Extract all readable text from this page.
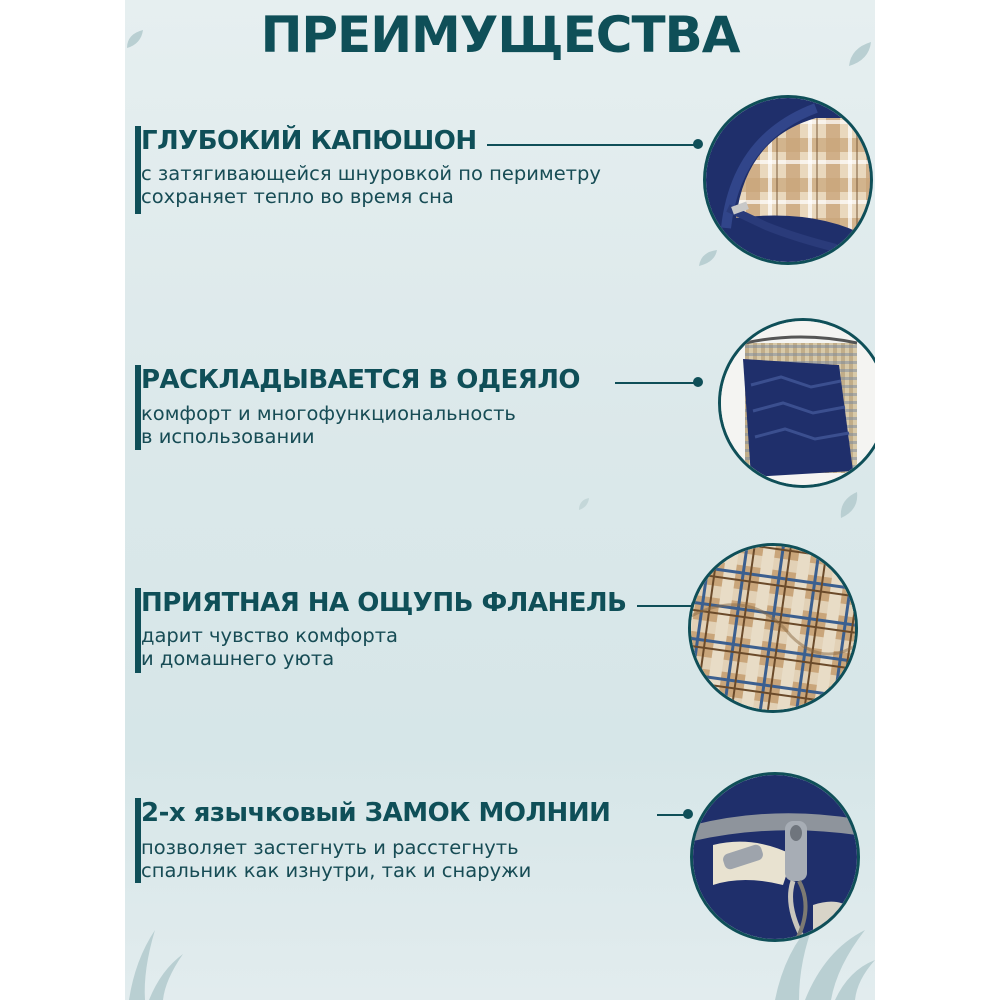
ПРЕИМУЩЕСТВА
ГЛУБОКИЙ КАПЮШОН
с затягивающейся шнуровкой по периметру
сохраняет тепло во время сна
РАСКЛАДЫВАЕТСЯ В ОДЕЯЛО
комфорт и многофункциональность
в использовании
ПРИЯТНАЯ НА ОЩУПЬ ФЛАНЕЛЬ
дарит чувство комфорта
и домашнего уюта
2-х язычковый ЗАМОК МОЛНИИ
позволяет застегнуть и расстегнуть
спальник как изнутри, так и снаружи
